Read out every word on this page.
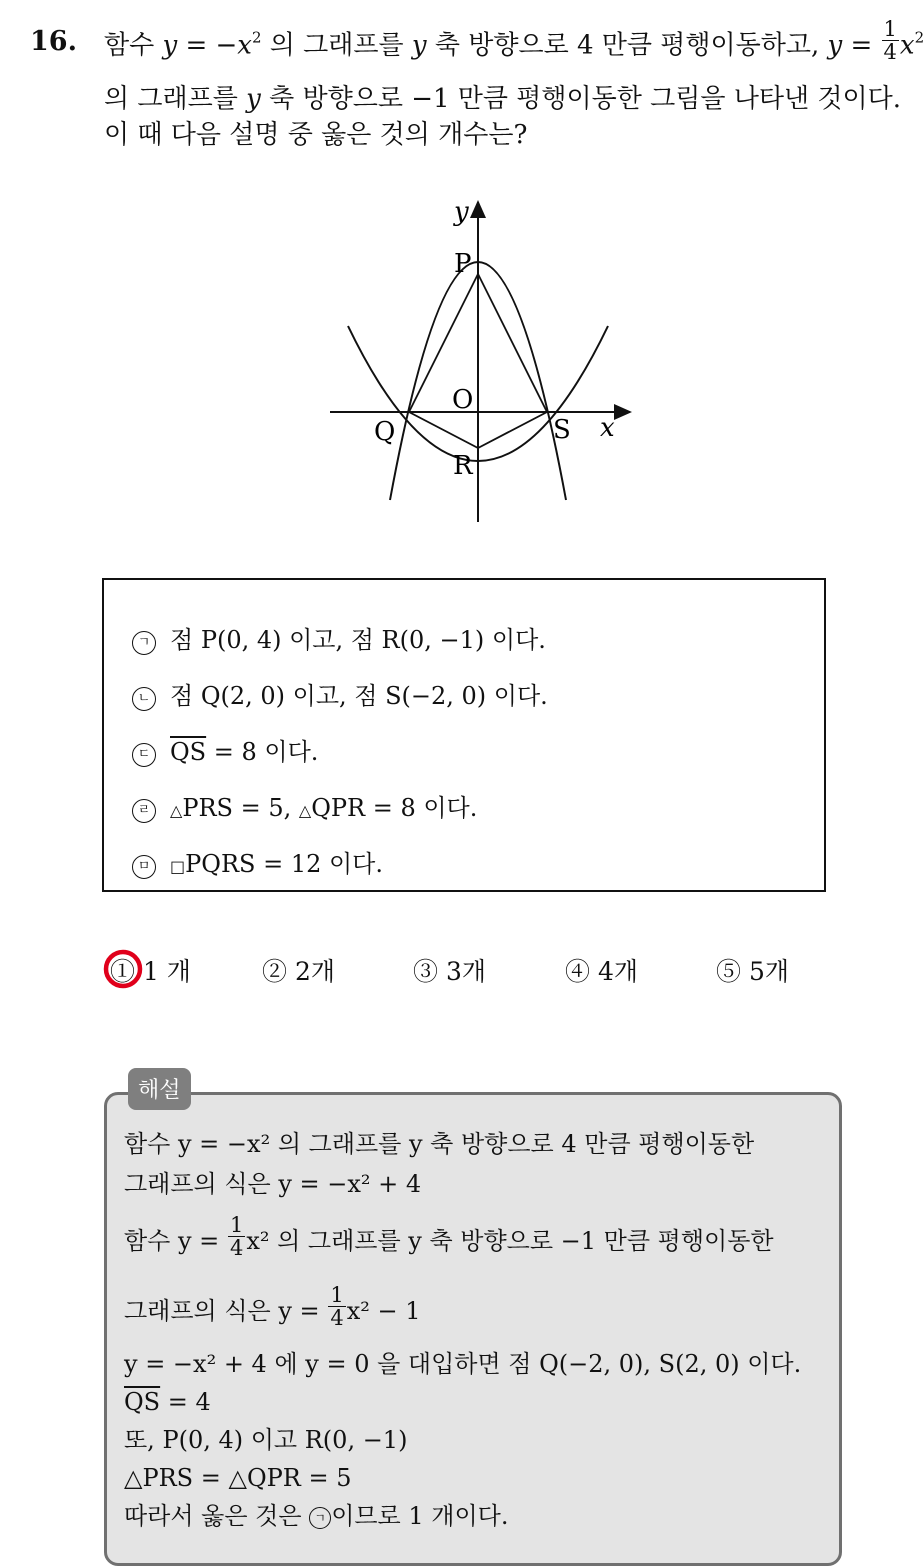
16. 함수 $y = -x^2$ 의 그래프를 y 축 방향으로 4 만큼 평행이동하고, $y = \frac{1}{4} x^2$
의 그래프를 y 축 방향으로 −1 만큼 평행이동한 그림을 나타낸 것이다.
이 때 다음 설명 중 옳은 것의 개수는?
y
x
P
O
Q
R
S
ㄱ 점 P(0, 4) 이고, 점 R(0, −1) 이다.
ㄴ 점 Q(2, 0) 이고, 점 S(−2, 0) 이다.
ㄷ $\overline{QS} = 8$ 이다.
ㄹ △PRS = 5, △QPR = 8 이다.
ㅁ □PQRS = 12 이다.
① 1 개	② 2개	③ 3개	④ 4개	⑤ 5개
해설
함수 y = −x² 의 그래프를 y 축 방향으로 4 만큼 평행이동한
그래프의 식은 y = −x² + 4
함수 $y = \frac{1}{4} x^2$ 의 그래프를 y 축 방향으로 −1 만큼 평행이동한
그래프의 식은 $y = \frac{1}{4} x^2 - 1$
y = −x² + 4 에 y = 0 을 대입하면 점 Q(−2, 0), S(2, 0) 이다.
$\overline{QS} = 4$
또, P(0, 4) 이고 R(0, −1)
△PRS = △QPR = 5
따라서 옳은 것은 ㄱ 이므로 1 개이다.
